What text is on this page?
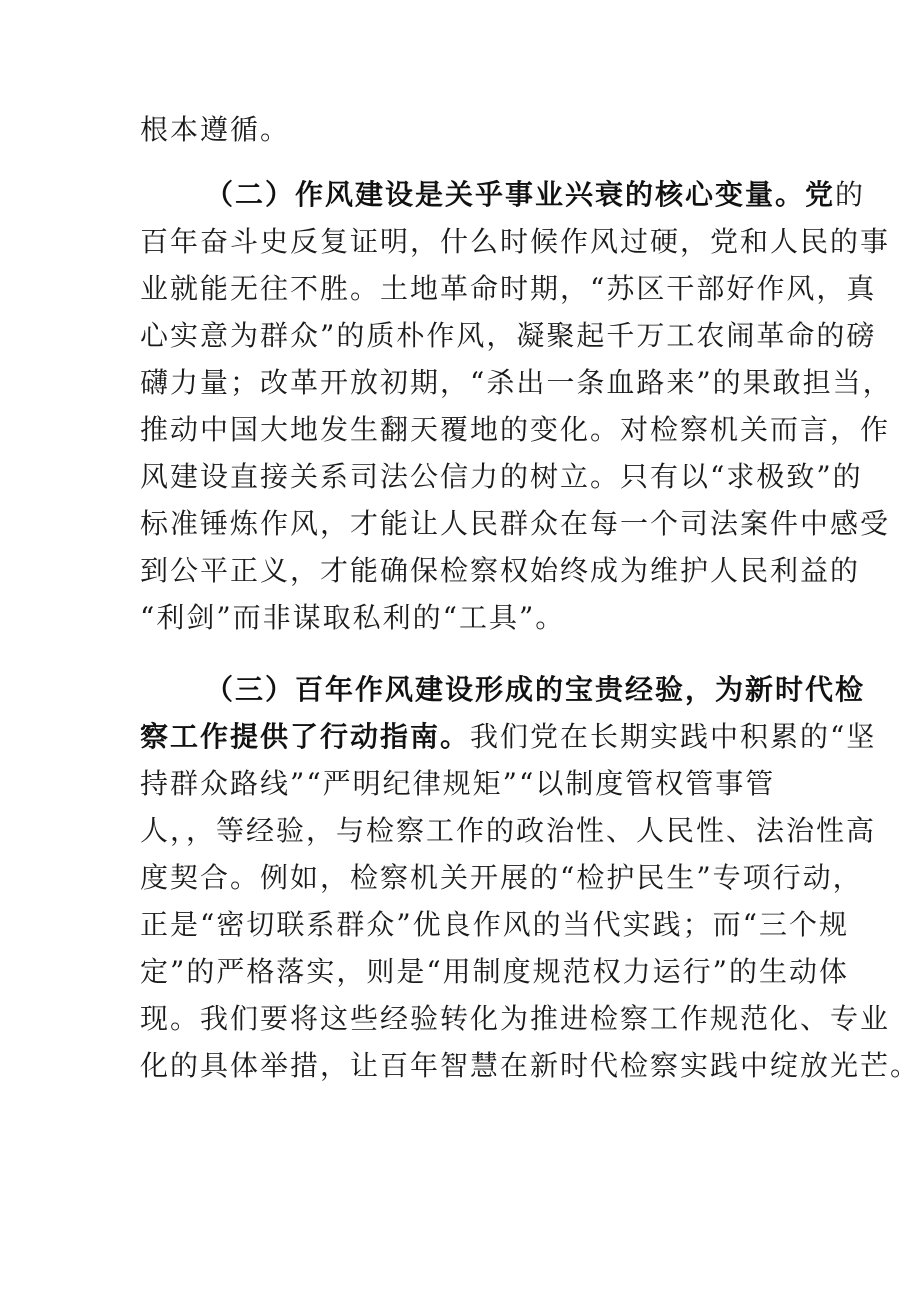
根本遵循。
（二）作风建设是关乎事业兴衰的核心变量。党的
百年奋斗史反复证明，什么时候作风过硬，党和人民的事
业就能无往不胜。土地革命时期，“苏区干部好作风，真
心实意为群众”的质朴作风，凝聚起千万工农闹革命的磅
礴力量；改革开放初期，“杀出一条血路来”的果敢担当，
推动中国大地发生翻天覆地的变化。对检察机关而言，作
风建设直接关系司法公信力的树立。只有以“求极致”的
标准锤炼作风，才能让人民群众在每一个司法案件中感受
到公平正义，才能确保检察权始终成为维护人民利益的
“利剑”而非谋取私利的“工具”。
（三）百年作风建设形成的宝贵经验，为新时代检
察工作提供了行动指南。我们党在长期实践中积累的“坚
持群众路线”“严明纪律规矩”“以制度管权管事管
人，，等经验，与检察工作的政治性、人民性、法治性高
度契合。例如，检察机关开展的“检护民生”专项行动，
正是“密切联系群众”优良作风的当代实践；而“三个规
定”的严格落实，则是“用制度规范权力运行”的生动体
现。我们要将这些经验转化为推进检察工作规范化、专业
化的具体举措，让百年智慧在新时代检察实践中绽放光芒。
